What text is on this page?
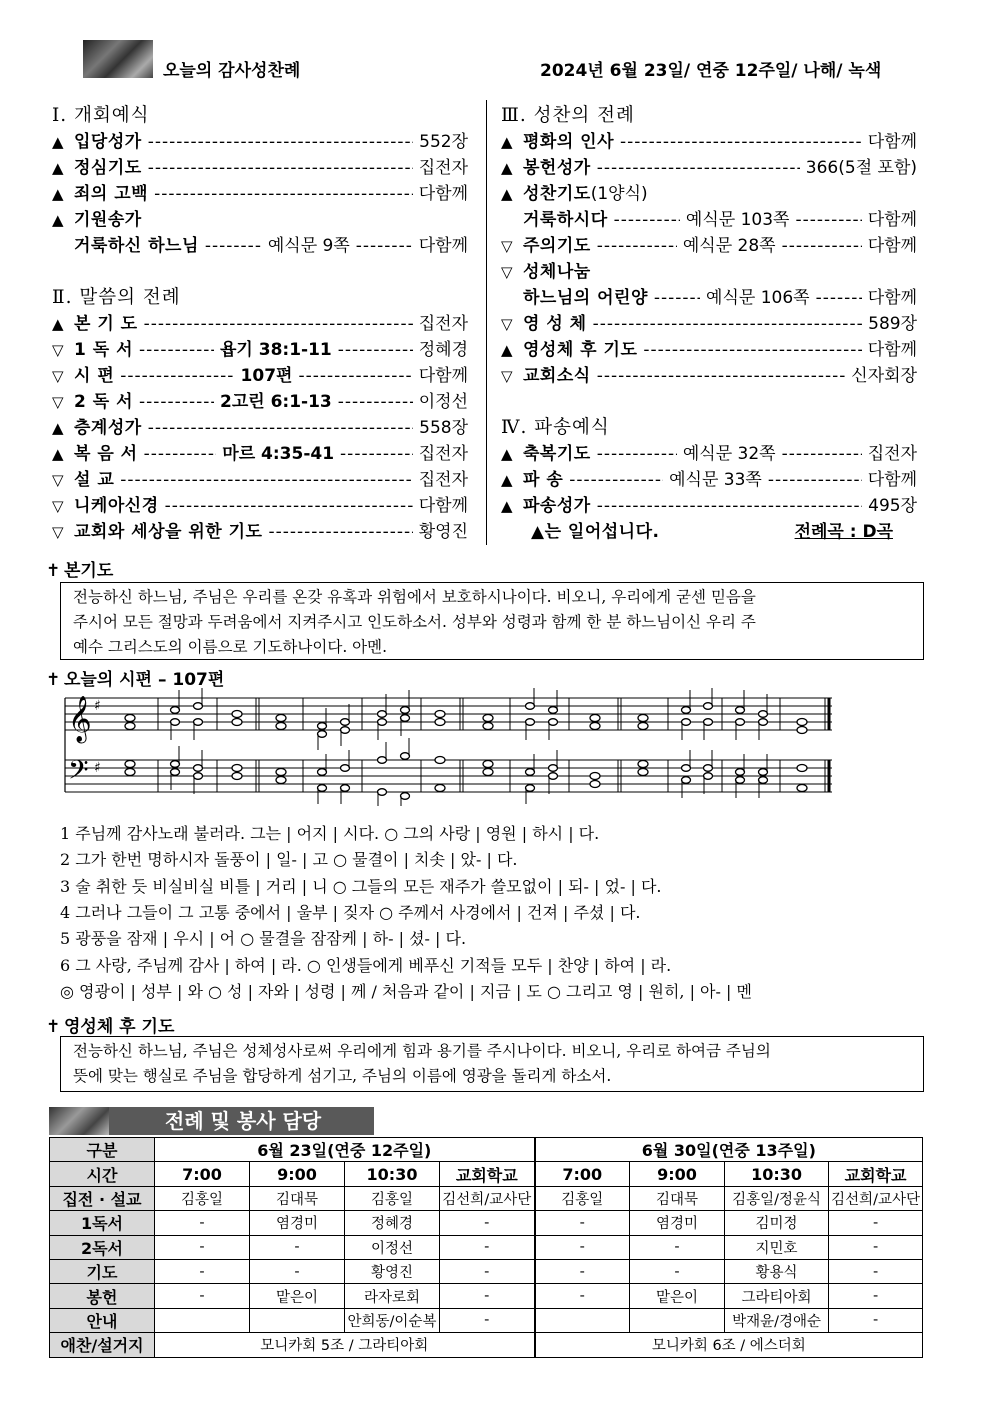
오늘의 감사성찬례	2024년 6월 23일/ 연중 12주일/ 나해/ 녹색
Ⅰ. 개회예식
▲ 입당성가 -----	552장
▲ 정심기도 -----	집전자
▲ 죄의 고백 -----	다함께
▲ 기원송가
거룩하신 하느님 -----	예식문 9쪽 -----	다함께
Ⅱ. 말씀의 전례
▲ 본 기 도 -----	집전자
▽ 1 독 서 -----	욥기 38:1-11 -----	정혜경
▽ 시 편 -----	107편 -----	다함께
▽ 2 독 서 -----	2고린 6:1-13 -----	이정선
▲ 층계성가 -----	558장
▲ 복 음 서 -----	마르 4:35-41 -----	집전자
▽ 설 교 -----	집전자
▽ 니케아신경 -----	다함께
▽ 교회와 세상을 위한 기도 -----	황영진
Ⅲ. 성찬의 전례
▲ 평화의 인사 -----	다함께
▲ 봉헌성가 -----	366(5절 포함)
▲ 성찬기도 (1양식)
거룩하시다 -----	예식문 103쪽 -----	다함께
▽ 주의기도 -----	예식문 28쪽 -----	다함께
▽ 성체나눔
하느님의 어린양 -----	예식문 106쪽 -----	다함께
▽ 영 성 체 -----	589장
▲ 영성체 후 기도 -----	다함께
▽ 교회소식 -----	신자회장
Ⅳ. 파송예식
▲ 축복기도 -----	예식문 32쪽 -----	집전자
▲ 파 송 -----	예식문 33쪽 -----	다함께
▲ 파송성가 -----	495장
▲는 일어섭니다.	전례곡 : D곡
✝ 본기도
전능하신 하느님, 주님은 우리를 온갖 유혹과 위험에서 보호하시나이다. 비오니, 우리에게 굳센 믿음을
주시어 모든 절망과 두려움에서 지켜주시고 인도하소서. 성부와 성령과 함께 한 분 하느님이신 우리 주
예수 그리스도의 이름으로 기도하나이다. 아멘.
✝ 오늘의 시편 – 107편
𝄞
𝄢
♯
♯
1 주님께 감사노래 불러라. 그는 | 어지 | 시다. ○ 그의 사랑 | 영원 | 하시 | 다.
2 그가 한번 명하시자 돌풍이 | 일- | 고 ○ 물결이 | 치솟 | 았- | 다.
3 술 취한 듯 비실비실 비틀 | 거리 | 니 ○ 그들의 모든 재주가 쓸모없이 | 되- | 었- | 다.
4 그러나 그들이 그 고통 중에서 | 울부 | 짖자 ○ 주께서 사경에서 | 건져 | 주셨 | 다.
5 광풍을 잠재 | 우시 | 어 ○ 물결을 잠잠케 | 하- | 셨- | 다.
6 그 사랑, 주님께 감사 | 하여 | 라. ○ 인생들에게 베푸신 기적들 모두 | 찬양 | 하여 | 라.
◎ 영광이 | 성부 | 와 ○ 성 | 자와 | 성령 | 께 / 처음과 같이 | 지금 | 도 ○ 그리고 영 | 원히, | 아- | 멘
✝ 영성체 후 기도
전능하신 하느님, 주님은 성체성사로써 우리에게 힘과 용기를 주시나이다. 비오니, 우리로 하여금 주님의
뜻에 맞는 행실로 주님을 합당하게 섬기고, 주님의 이름에 영광을 돌리게 하소서.
전례 및 봉사 담당
구분	6월 23일(연중 12주일)				6월 30일(연중 13주일)			
시간	7:00	9:00	10:30	교회학교	7:00	9:00	10:30	교회학교
집전 · 설교	김홍일	김대묵	김홍일	김선희/교사단	김홍일	김대묵	김홍일/정윤식	김선희/교사단
1독서	-	염경미	정혜경	-	-	염경미	김미정	-
2독서	-	-	이정선	-	-	-	지민호	-
기도	-	-	황영진	-	-	-	황용식	-
봉헌	-	맡은이	라자로회	-	-	맡은이	그라티아회	-
안내			안희동/이순복	-			박재윤/경애순	-
애찬/설거지	모니카회 5조 / 그라티아회				모니카회 6조 / 에스더회			
